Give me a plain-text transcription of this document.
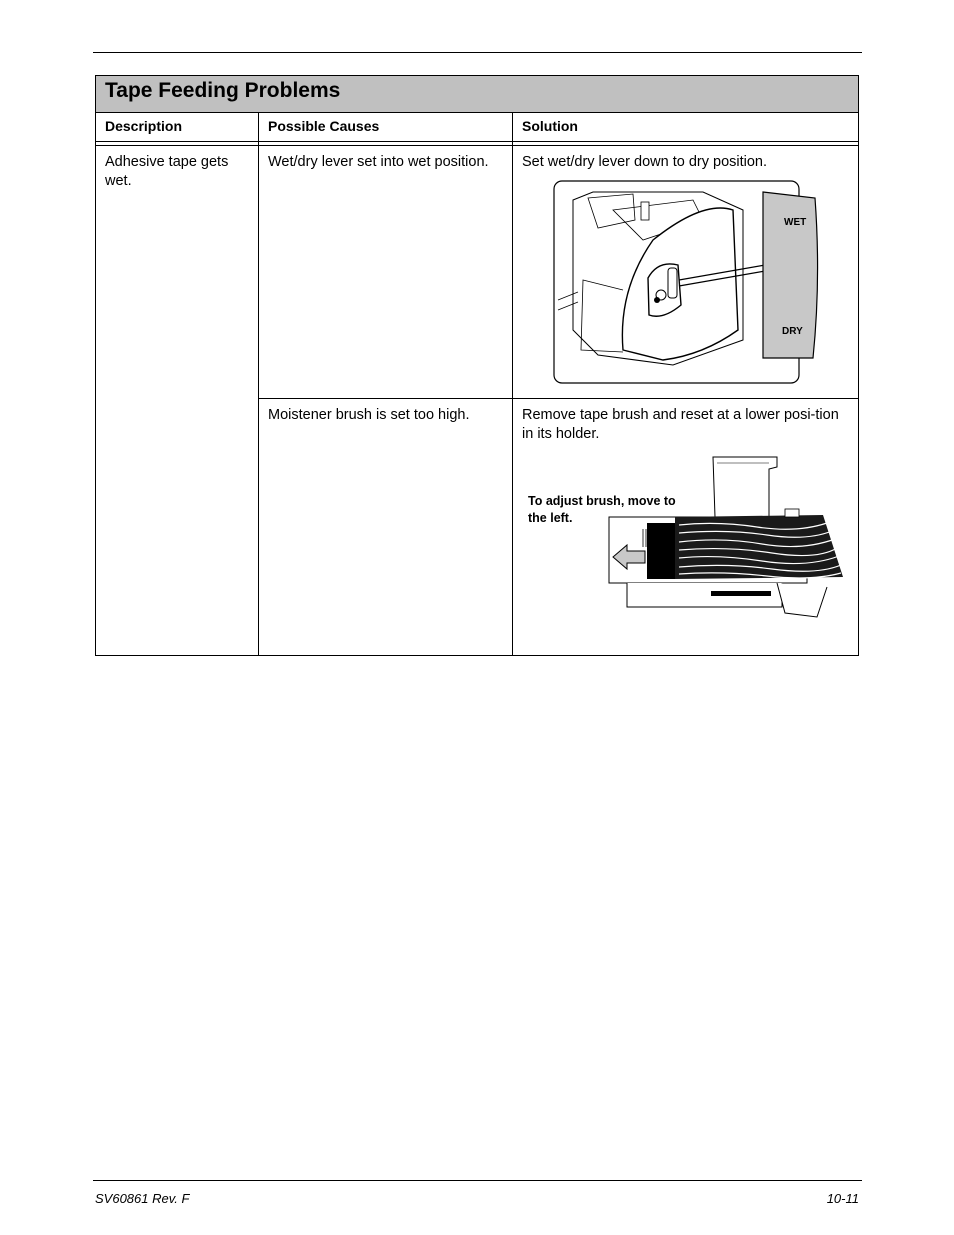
Tape Feeding Problems
Description	Possible Causes	Solution
Adhesive tape gets wet.
Wet/dry lever set into wet position.	Set wet/dry lever down to dry position.
WET
DRY
Moistener brush is set too high.	Remove tape brush and reset at a lower posi-tion in its holder.
To adjust brush, move to the left.
SV60861 Rev. F	10-11
